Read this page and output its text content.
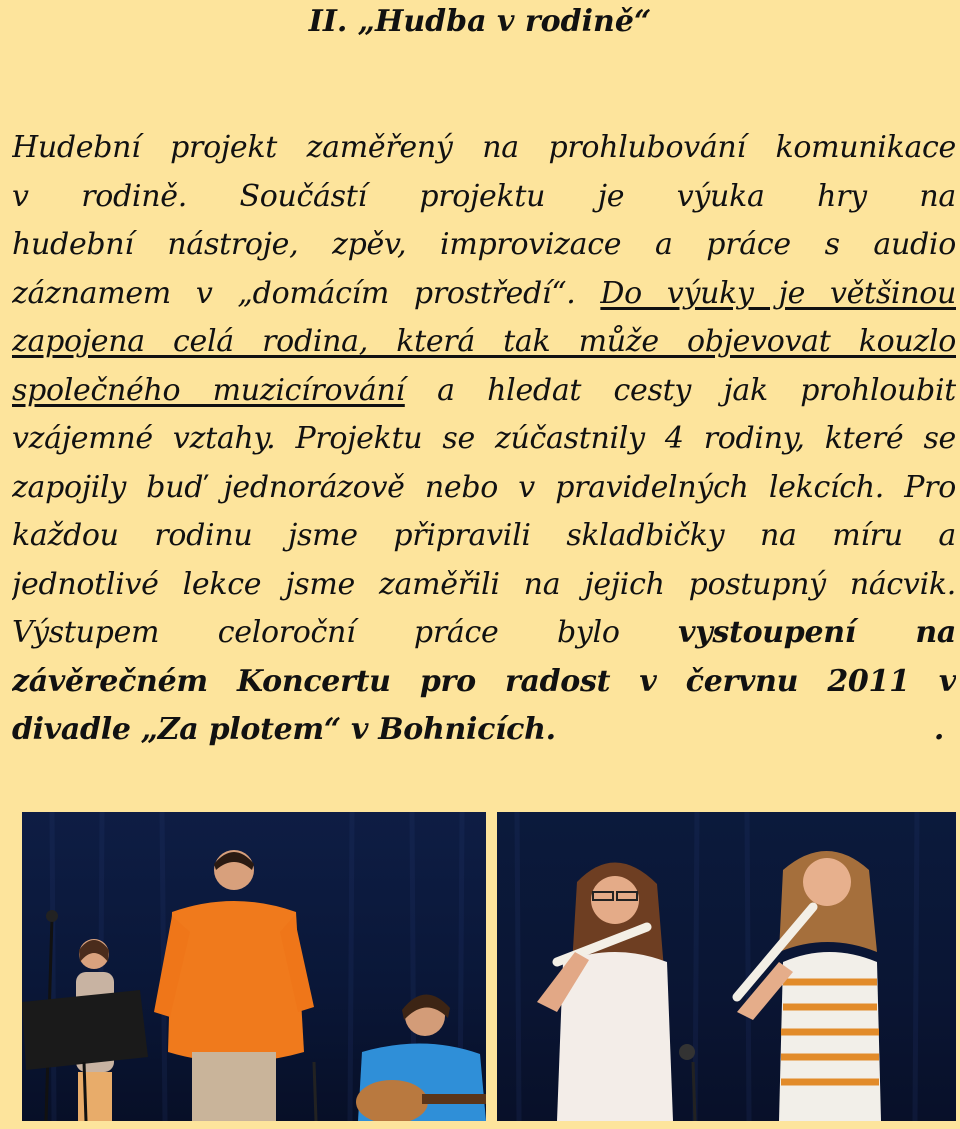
II. „Hudba v rodině“
Hudební projekt zaměřený na prohlubování komunikace
v rodině. Součástí projektu je výuka hry na
hudební nástroje, zpěv, improvizace a práce s audio
záznamem v „domácím prostředí“. Do výuky je většinou
zapojena celá rodina, která tak může objevovat kouzlo
společného muzicírování a hledat cesty jak prohloubit
vzájemné vztahy. Projektu se zúčastnily 4 rodiny, které se
zapojily buď jednorázově nebo v pravidelných lekcích. Pro
každou rodinu jsme připravili skladbičky na míru a
jednotlivé lekce jsme zaměřili na jejich postupný nácvik.
Výstupem celoroční práce bylo vystoupení na
závěrečném Koncertu pro radost v červnu 2011 v
divadle „Za plotem“ v Bohnicích.	.
